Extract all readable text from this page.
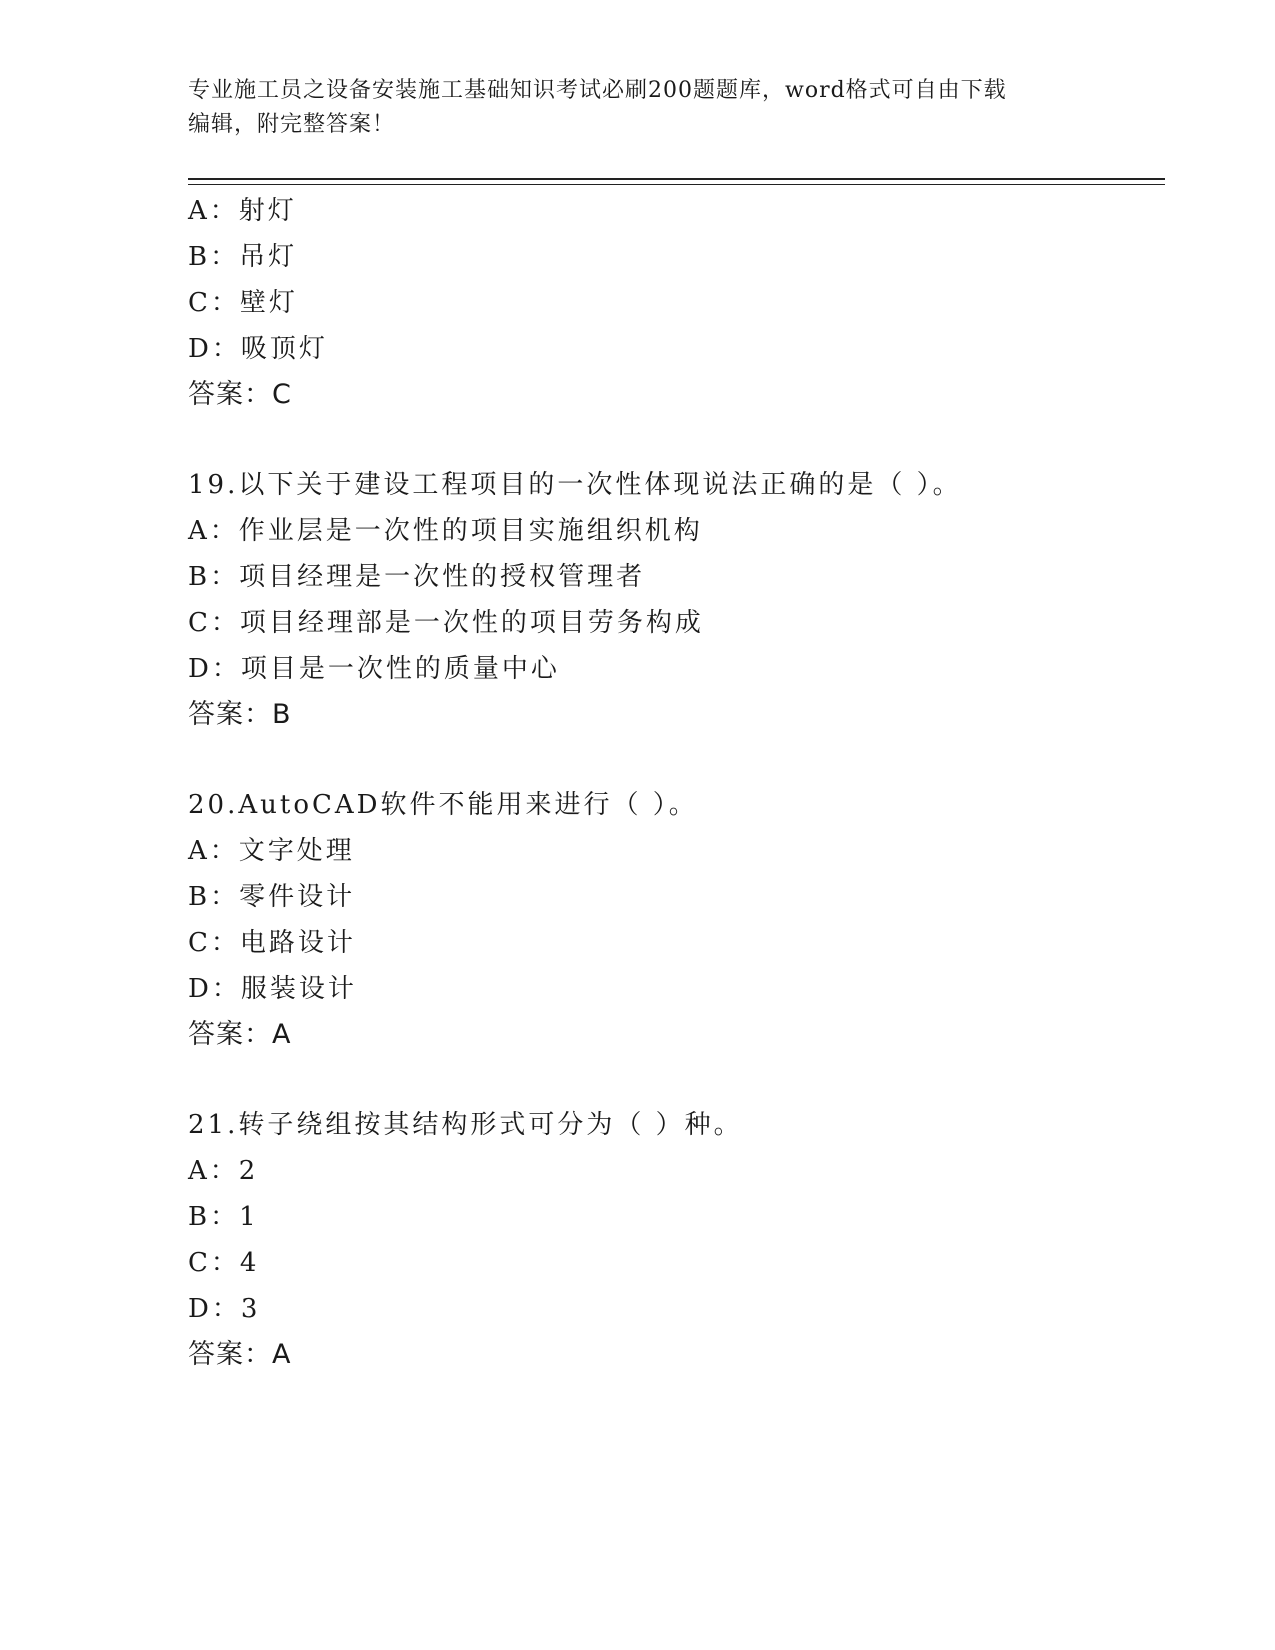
专业施工员之设备安装施工基础知识考试必刷200题题库，word格式可自由下载
编辑，附完整答案！
A：射灯
B：吊灯
C：壁灯
D：吸顶灯
答案：C
19.以下关于建设工程项目的一次性体现说法正确的是（ ）。
A：作业层是一次性的项目实施组织机构
B：项目经理是一次性的授权管理者
C：项目经理部是一次性的项目劳务构成
D：项目是一次性的质量中心
答案：B
20.AutoCAD软件不能用来进行（ ）。
A：文字处理
B：零件设计
C：电路设计
D：服装设计
答案：A
21.转子绕组按其结构形式可分为（ ）种。
A：2
B：1
C：4
D：3
答案：A
